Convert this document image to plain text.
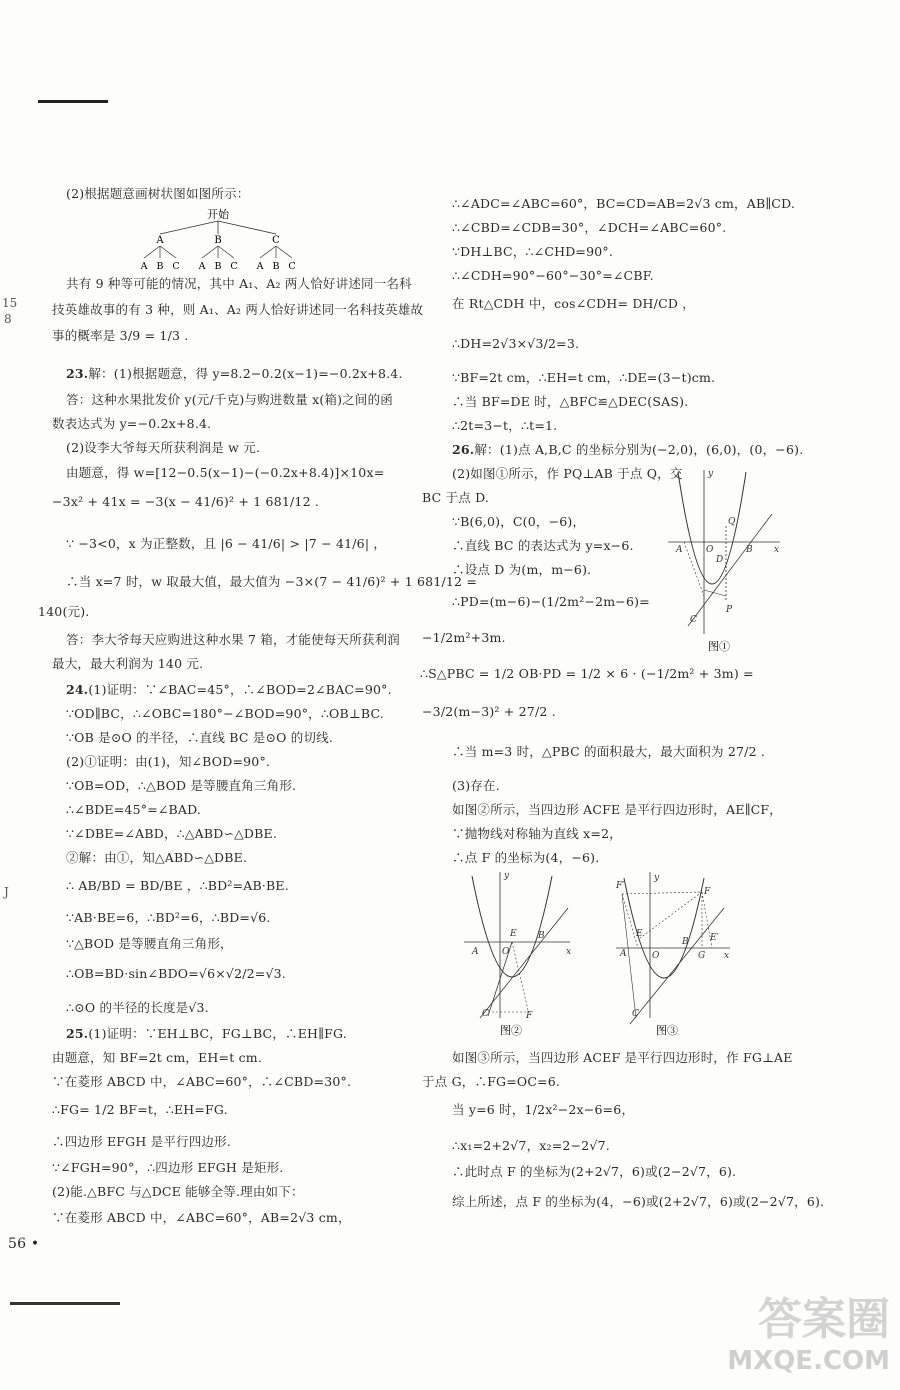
15
8
J
(2)根据题意画树状图如图所示：
开始
A	B	C
A B C A B C A B C
共有 9 种等可能的情况，其中 A₁、A₂ 两人恰好讲述同一名科
技英雄故事的有 3 种，则 A₁、A₂ 两人恰好讲述同一名科技英雄故
事的概率是 3/9 = 1/3 .
23.解：(1)根据题意，得 y=8.2−0.2(x−1)=−0.2x+8.4.
答：这种水果批发价 y(元/千克)与购进数量 x(箱)之间的函
数表达式为 y=−0.2x+8.4.
(2)设李大爷每天所获利润是 w 元.
由题意，得 w=[12−0.5(x−1)−(−0.2x+8.4)]×10x=
−3x² + 41x = −3(x − 41/6)² + 1 681/12 .
∵ −3<0，x 为正整数，且 |6 − 41/6| > |7 − 41/6| ，
∴当 x=7 时，w 取最大值，最大值为 −3×(7 − 41/6)² + 1 681/12 =
140(元).
答：李大爷每天应购进这种水果 7 箱，才能使每天所获利润
最大，最大利润为 140 元.
24.(1)证明：∵∠BAC=45°，∴∠BOD=2∠BAC=90°.
∵OD∥BC，∴∠OBC=180°−∠BOD=90°，∴OB⊥BC.
∵OB 是⊙O 的半径，∴直线 BC 是⊙O 的切线.
(2)①证明：由(1)，知∠BOD=90°.
∵OB=OD，∴△BOD 是等腰直角三角形.
∴∠BDE=45°=∠BAD.
∵∠DBE=∠ABD，∴△ABD∽△DBE.
②解：由①，知△ABD∽△DBE.
∴ AB/BD = BD/BE ，∴BD²=AB·BE.
∵AB·BE=6，∴BD²=6，∴BD=√6.
∵△BOD 是等腰直角三角形，
∴OB=BD·sin∠BDO=√6×√2/2=√3.
∴⊙O 的半径的长度是√3.
25.(1)证明：∵EH⊥BC，FG⊥BC，∴EH∥FG.
由题意，知 BF=2t cm，EH=t cm.
∵在菱形 ABCD 中，∠ABC=60°，∴∠CBD=30°.
∴FG= 1/2 BF=t，∴EH=FG.
∴四边形 EFGH 是平行四边形.
∵∠FGH=90°，∴四边形 EFGH 是矩形.
(2)能.△BFC 与△DCE 能够全等.理由如下：
∵在菱形 ABCD 中，∠ABC=60°，AB=2√3 cm，
56 •
∴∠ADC=∠ABC=60°，BC=CD=AB=2√3 cm，AB∥CD.
∴∠CBD=∠CDB=30°，∠DCH=∠ABC=60°.
∵DH⊥BC，∴∠CHD=90°.
∴∠CDH=90°−60°−30°=∠CBF.
在 Rt△CDH 中，cos∠CDH= DH/CD ，
∴DH=2√3×√3/2=3.
∵BF=2t cm，∴EH=t cm，∴DE=(3−t)cm.
∴当 BF=DE 时，△BFC≌△DEC(SAS).
∴2t=3−t，∴t=1.
26.解：(1)点 A,B,C 的坐标分别为(−2,0)，(6,0)，(0，−6).
(2)如图①所示，作 PQ⊥AB 于点 Q，交
BC 于点 D.
∵B(6,0)，C(0，−6)，
∴直线 BC 的表达式为 y=x−6.
∴设点 D 为(m，m−6).
∴PD=(m−6)−(1/2m²−2m−6)=
−1/2m²+3m.
y
Q
A	O
D
B x
C
P
图①
∴S△PBC = 1/2 OB·PD = 1/2 × 6 · (−1/2m² + 3m) =
−3/2(m−3)² + 27/2 .
∴当 m=3 时，△PBC 的面积最大，最大面积为 27/2 .
(3)存在.
如图②所示，当四边形 ACFE 是平行四边形时，AE∥CF，
∵抛物线对称轴为直线 x=2，
∴点 F 的坐标为(4，−6).
y
E
A	O
B
x
C	F
图②
F′
y
F
E
A	O
B
G
E′
x
C
图③
如图③所示，当四边形 ACEF 是平行四边形时，作 FG⊥AE
于点 G，∴FG=OC=6.
当 y=6 时，1/2x²−2x−6=6，
∴x₁=2+2√7，x₂=2−2√7.
∴此时点 F 的坐标为(2+2√7，6)或(2−2√7，6).
综上所述，点 F 的坐标为(4，−6)或(2+2√7，6)或(2−2√7，6).
答案圈
MXQE.COM
